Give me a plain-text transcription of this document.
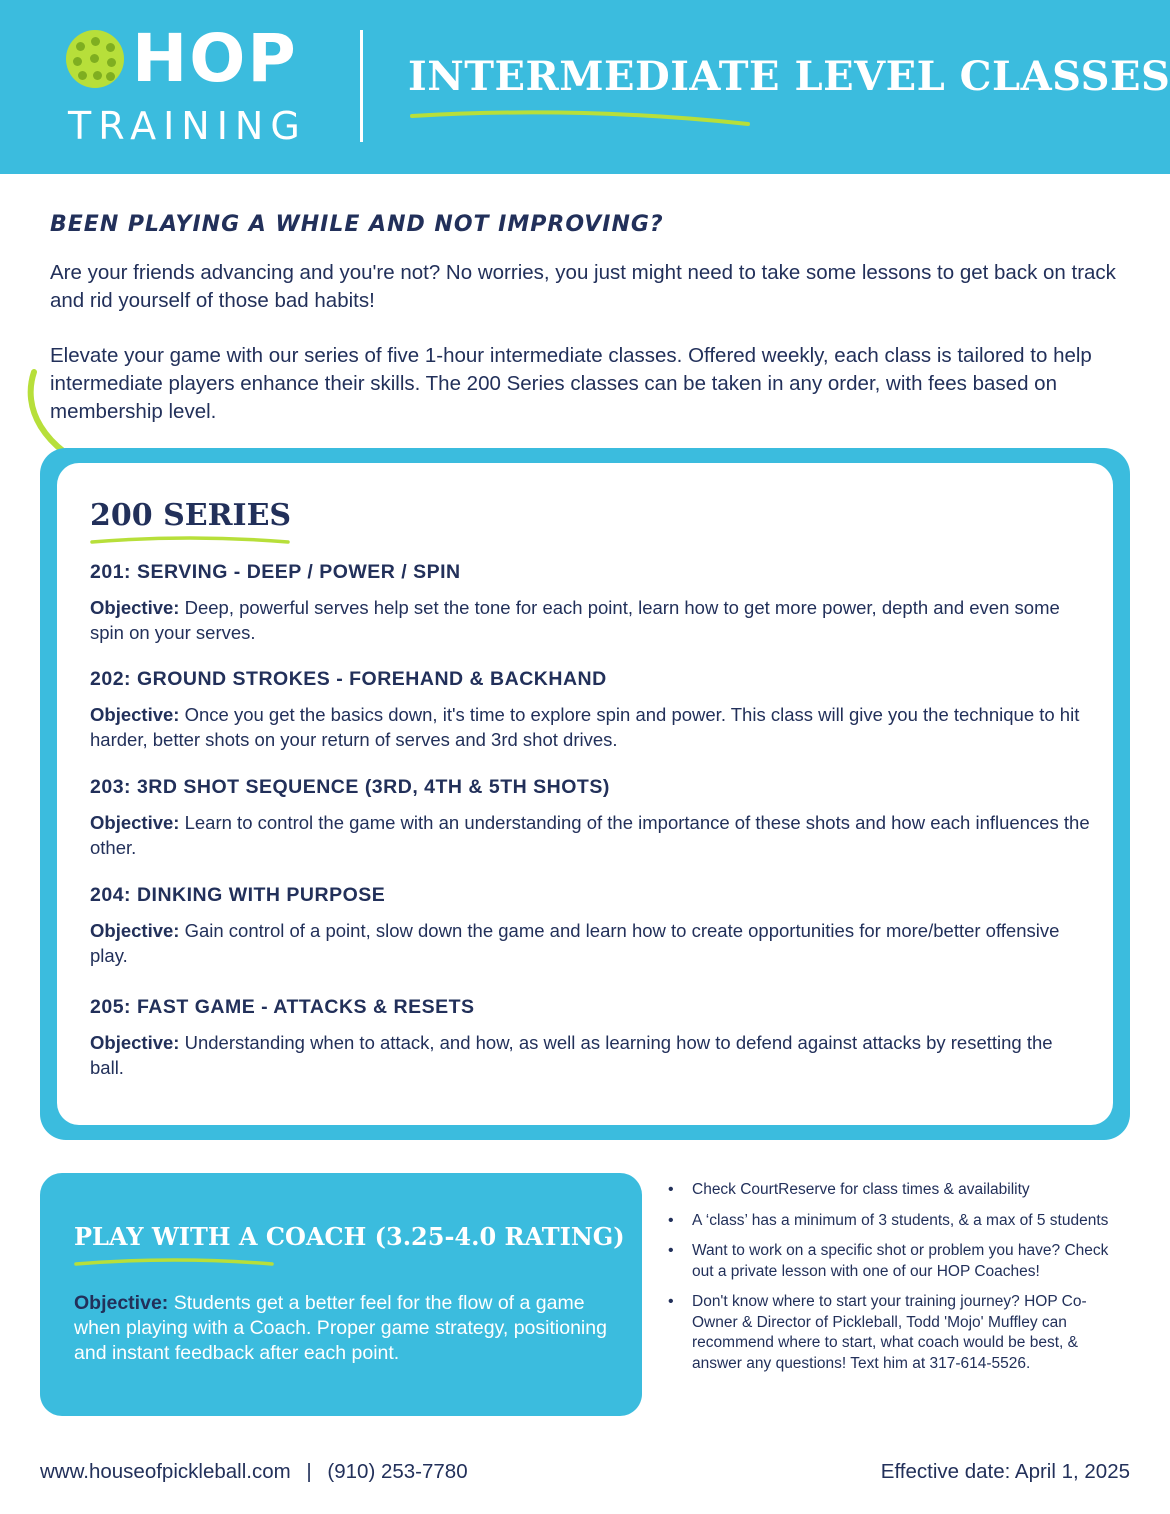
HOP
TRAINING
INTERMEDIATE LEVEL CLASSES
BEEN PLAYING A WHILE AND NOT IMPROVING?

Are your friends advancing and you're not? No worries, you just might need to take some lessons to get back on track and rid yourself of those bad habits!

Elevate your game with our series of five 1-hour intermediate classes. Offered weekly, each class is tailored to help intermediate players enhance their skills. The 200 Series classes can be taken in any order, with fees based on membership level.

200 SERIES
201: SERVING - DEEP / POWER / SPIN

Objective: Deep, powerful serves help set the tone for each point, learn how to get more power, depth and even some spin on your serves.

202: GROUND STROKES - FOREHAND & BACKHAND

Objective: Once you get the basics down, it's time to explore spin and power. This class will give you the technique to hit harder, better shots on your return of serves and 3rd shot drives.

203: 3RD SHOT SEQUENCE (3RD, 4TH & 5TH SHOTS)

Objective: Learn to control the game with an understanding of the importance of these shots and how each influences the other.

204: DINKING WITH PURPOSE

Objective: Gain control of a point, slow down the game and learn how to create opportunities for more/better offensive play.

205: FAST GAME - ATTACKS & RESETS

Objective: Understanding when to attack, and how, as well as learning how to defend against attacks by resetting the ball.

PLAY WITH A COACH (3.25-4.0 RATING)

Objective: Students get a better feel for the flow of a game when playing with a Coach. Proper game strategy, positioning and instant feedback after each point.

• Check CourtReserve for class times & availability
• A ‘class’ has a minimum of 3 students, & a max of 5 students
• Want to work on a specific shot or problem you have? Check out a private lesson with one of our HOP Coaches!
• Don't know where to start your training journey? HOP Co-Owner & Director of Pickleball, Todd 'Mojo' Muffley can recommend where to start, what coach would be best, & answer any questions! Text him at 317-614-5526.
www.houseofpickleball.com | (910) 253-7780	Effective date: April 1, 2025
